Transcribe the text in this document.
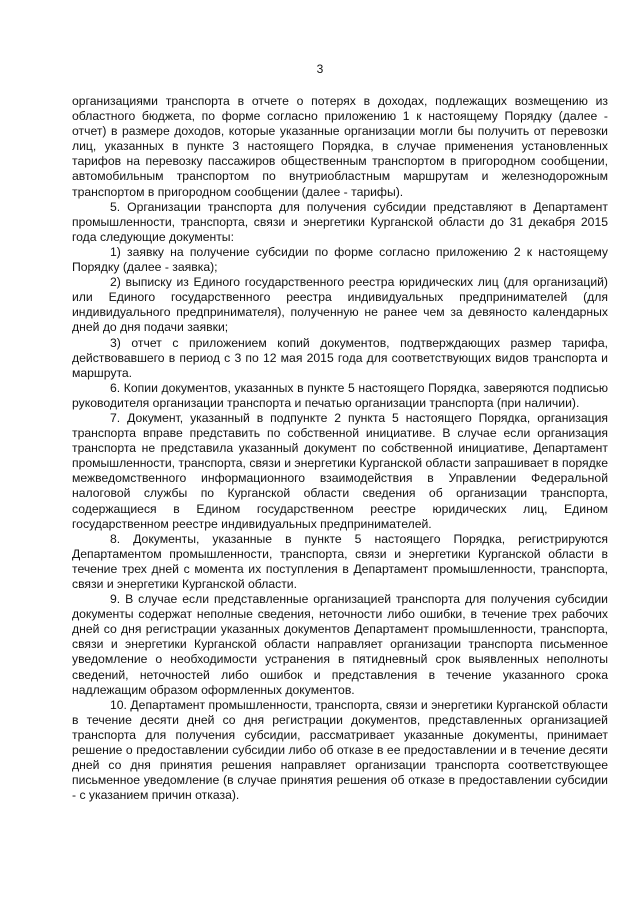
3

организациями транспорта в отчете о потерях в доходах, подлежащих возмещению из областного бюджета, по форме согласно приложению 1 к настоящему Порядку (далее - отчет) в размере доходов, которые указанные организации могли бы получить от перевозки лиц, указанных в пункте 3 настоящего Порядка, в случае применения установленных тарифов на перевозку пассажиров общественным транспортом в пригородном сообщении, автомобильным транспортом по внутриобластным маршрутам и железнодорожным транспортом в пригородном сообщении (далее - тарифы).

5. Организации транспорта для получения субсидии представляют в Департамент промышленности, транспорта, связи и энергетики Курганской области до 31 декабря 2015 года следующие документы:

1) заявку на получение субсидии по форме согласно приложению 2 к настоящему Порядку (далее - заявка);

2) выписку из Единого государственного реестра юридических лиц (для организаций) или Единого государственного реестра индивидуальных предпринимателей (для индивидуального предпринимателя), полученную не ранее чем за девяносто календарных дней до дня подачи заявки;

3) отчет с приложением копий документов, подтверждающих размер тарифа, действовавшего в период с 3 по 12 мая 2015 года для соответствующих видов транспорта и маршрута.

6. Копии документов, указанных в пункте 5 настоящего Порядка, заверяются подписью руководителя организации транспорта и печатью организации транспорта (при наличии).

7. Документ, указанный в подпункте 2 пункта 5 настоящего Порядка, организация транспорта вправе представить по собственной инициативе. В случае если организация транспорта не представила указанный документ по собственной инициативе, Департамент промышленности, транспорта, связи и энергетики Курганской области запрашивает в порядке межведомственного информационного взаимодействия в Управлении Федеральной налоговой службы по Курганской области сведения об организации транспорта, содержащиеся в Едином государственном реестре юридических лиц, Едином государственном реестре индивидуальных предпринимателей.

8. Документы, указанные в пункте 5 настоящего Порядка, регистрируются Департаментом промышленности, транспорта, связи и энергетики Курганской области в течение трех дней с момента их поступления в Департамент промышленности, транспорта, связи и энергетики Курганской области.

9. В случае если представленные организацией транспорта для получения субсидии документы содержат неполные сведения, неточности либо ошибки, в течение трех рабочих дней со дня регистрации указанных документов Департамент промышленности, транспорта, связи и энергетики Курганской области направляет организации транспорта письменное уведомление о необходимости устранения в пятидневный срок выявленных неполноты сведений, неточностей либо ошибок и представления в течение указанного срока надлежащим образом оформленных документов.

10. Департамент промышленности, транспорта, связи и энергетики Курганской области в течение десяти дней со дня регистрации документов, представленных организацией транспорта для получения субсидии, рассматривает указанные документы, принимает решение о предоставлении субсидии либо об отказе в ее предоставлении и в течение десяти дней со дня принятия решения направляет организации транспорта соответствующее письменное уведомление (в случае принятия решения об отказе в предоставлении субсидии - с указанием причин отказа).
